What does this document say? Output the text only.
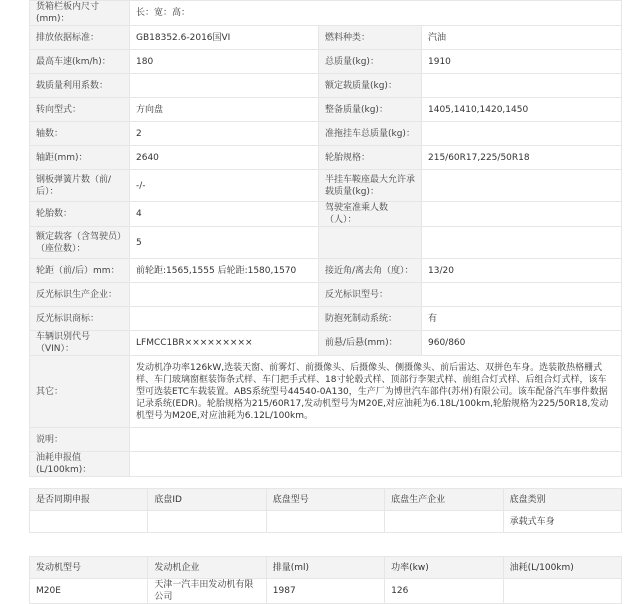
货箱栏板内尺寸(mm)：	长：宽：高：		
排放依据标准：	GB18352.6-2016国VI	燃料种类：	汽油
最高车速(km/h)：	180	总质量(kg)：	1910
载质量利用系数：		额定载质量(kg)：	
转向型式：	方向盘	整备质量(kg)：	1405,1410,1420,1450
轴数：	2	准拖挂车总质量(kg)：	
轴距(mm)：	2640	轮胎规格：	215/60R17,225/50R18
钢板弹簧片数（前/后）：	-/-	半挂车鞍座最大允许承载质量(kg)：	
轮胎数：	4	驾驶室准乘人数（人）：	
额定载客（含驾驶员）（座位数）：	5		
轮距（前/后）mm：	前轮距:1565,1555 后轮距:1580,1570	接近角/离去角（度）：	13/20
反光标识生产企业：		反光标识型号：	
反光标识商标：		防抱死制动系统：	有
车辆识别代号（VIN）：	LFMCC1BR×××××××××	前悬/后悬(mm)：	960/860
其它：	发动机净功率126kW,选装天窗、前雾灯、前摄像头、后摄像头、侧摄像头、前后雷达、双拼色车身。选装散热格栅式样、车门玻璃窗框装饰条式样、车门把手式样、18寸轮毂式样、顶部行李架式样、前组合灯式样、后组合灯式样，该车型可选装ETC车载装置。ABS系统型号44540-0A130，生产厂为博世汽车部件(苏州)有限公司。该车配备汽车事件数据记录系统(EDR)。轮胎规格为215/60R17,发动机型号为M20E,对应油耗为6.18L/100km,轮胎规格为225/50R18,发动机型号为M20E,对应油耗为6.12L/100km。		
说明：			
油耗申报值(L/100km)：			
是否同期申报	底盘ID	底盘型号	底盘生产企业	底盘类别
				承载式车身
发动机型号	发动机企业	排量(ml)	功率(kw)	油耗(L/100km)
M20E	天津一汽丰田发动机有限公司	1987	126	
